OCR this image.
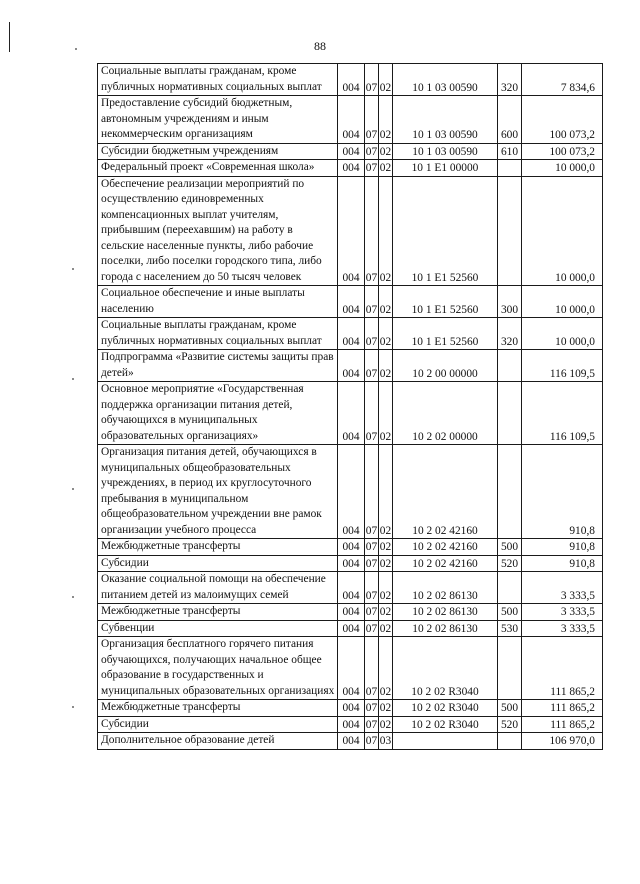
88
Социальные выплаты гражданам, кроме публичных нормативных социальных выплат	004	07	02	10 1 03 00590	320	7 834,6
Предоставление субсидий бюджетным, автономным учреждениям и иным некоммерческим организациям	004	07	02	10 1 03 00590	600	100 073,2
Субсидии бюджетным учреждениям	004	07	02	10 1 03 00590	610	100 073,2
Федеральный проект «Современная школа»	004	07	02	10 1 E1 00000		10 000,0
Обеспечение реализации мероприятий по осуществлению единовременных компенсационных выплат учителям, прибывшим (переехавшим) на работу в сельские населенные пункты, либо рабочие поселки, либо поселки городского типа, либо города с населением до 50 тысяч человек	004	07	02	10 1 E1 52560		10 000,0
Социальное обеспечение и иные выплаты населению	004	07	02	10 1 E1 52560	300	10 000,0
Социальные выплаты гражданам, кроме публичных нормативных социальных выплат	004	07	02	10 1 E1 52560	320	10 000,0
Подпрограмма «Развитие системы защиты прав детей»	004	07	02	10 2 00 00000		116 109,5
Основное мероприятие «Государственная поддержка организации питания детей, обучающихся в муниципальных образовательных организациях»	004	07	02	10 2 02 00000		116 109,5
Организация питания детей, обучающихся в муниципальных общеобразовательных учреждениях, в период их круглосуточного пребывания в муниципальном общеобразовательном учреждении вне рамок организации учебного процесса	004	07	02	10 2 02 42160		910,8
Межбюджетные трансферты	004	07	02	10 2 02 42160	500	910,8
Субсидии	004	07	02	10 2 02 42160	520	910,8
Оказание социальной помощи на обеспечение питанием детей из малоимущих семей	004	07	02	10 2 02 86130		3 333,5
Межбюджетные трансферты	004	07	02	10 2 02 86130	500	3 333,5
Субвенции	004	07	02	10 2 02 86130	530	3 333,5
Организация бесплатного горячего питания обучающихся, получающих начальное общее образование в государственных и муниципальных образовательных организациях	004	07	02	10 2 02 R3040		111 865,2
Межбюджетные трансферты	004	07	02	10 2 02 R3040	500	111 865,2
Субсидии	004	07	02	10 2 02 R3040	520	111 865,2
Дополнительное образование детей	004	07	03			106 970,0
